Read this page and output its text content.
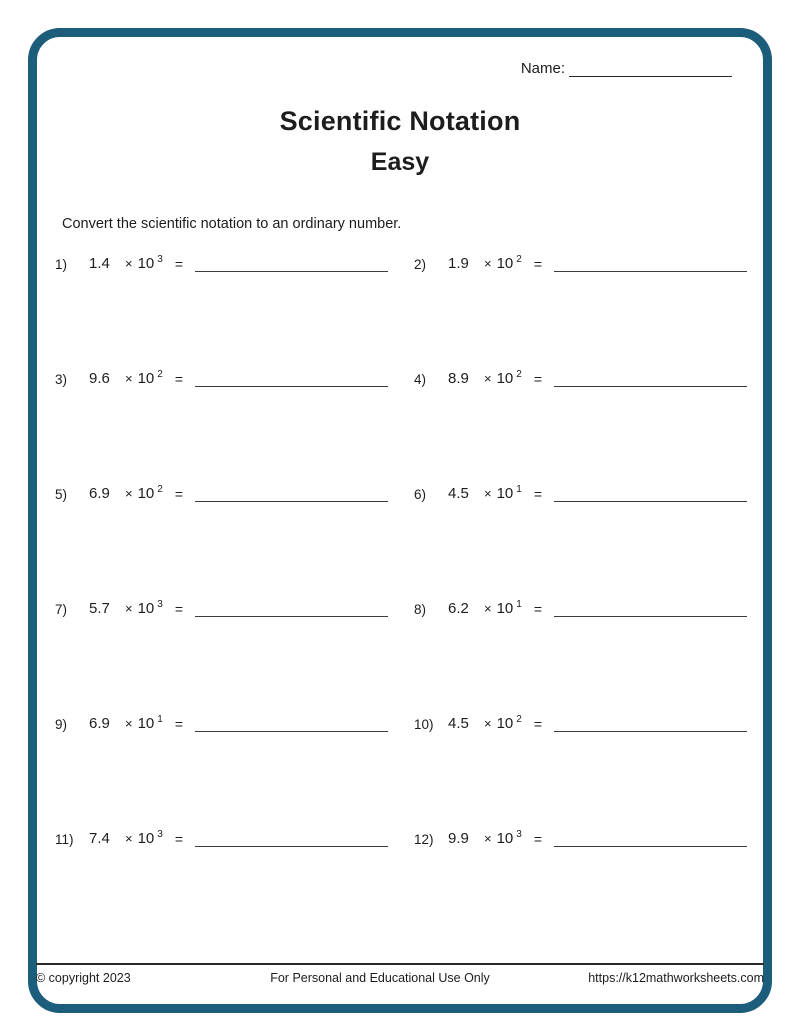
Name:
Scientific Notation
Easy
Convert the scientific notation to an ordinary number.
1)	1.4	× 10 3 =	2)	1.9	× 10 2 =
3)	9.6	× 10 2 =	4)	8.9	× 10 2 =
5)	6.9	× 10 2 =	6)	4.5	× 10 1 =
7)	5.7	× 10 3 =	8)	6.2	× 10 1 =
9)	6.9	× 10 1 =	10) 4.5	× 10 2 =
11)	7.4	× 10 3 =	12) 9.9	× 10 3 =
© copyright 2023	For Personal and Educational Use Only	https://k12mathworksheets.com
